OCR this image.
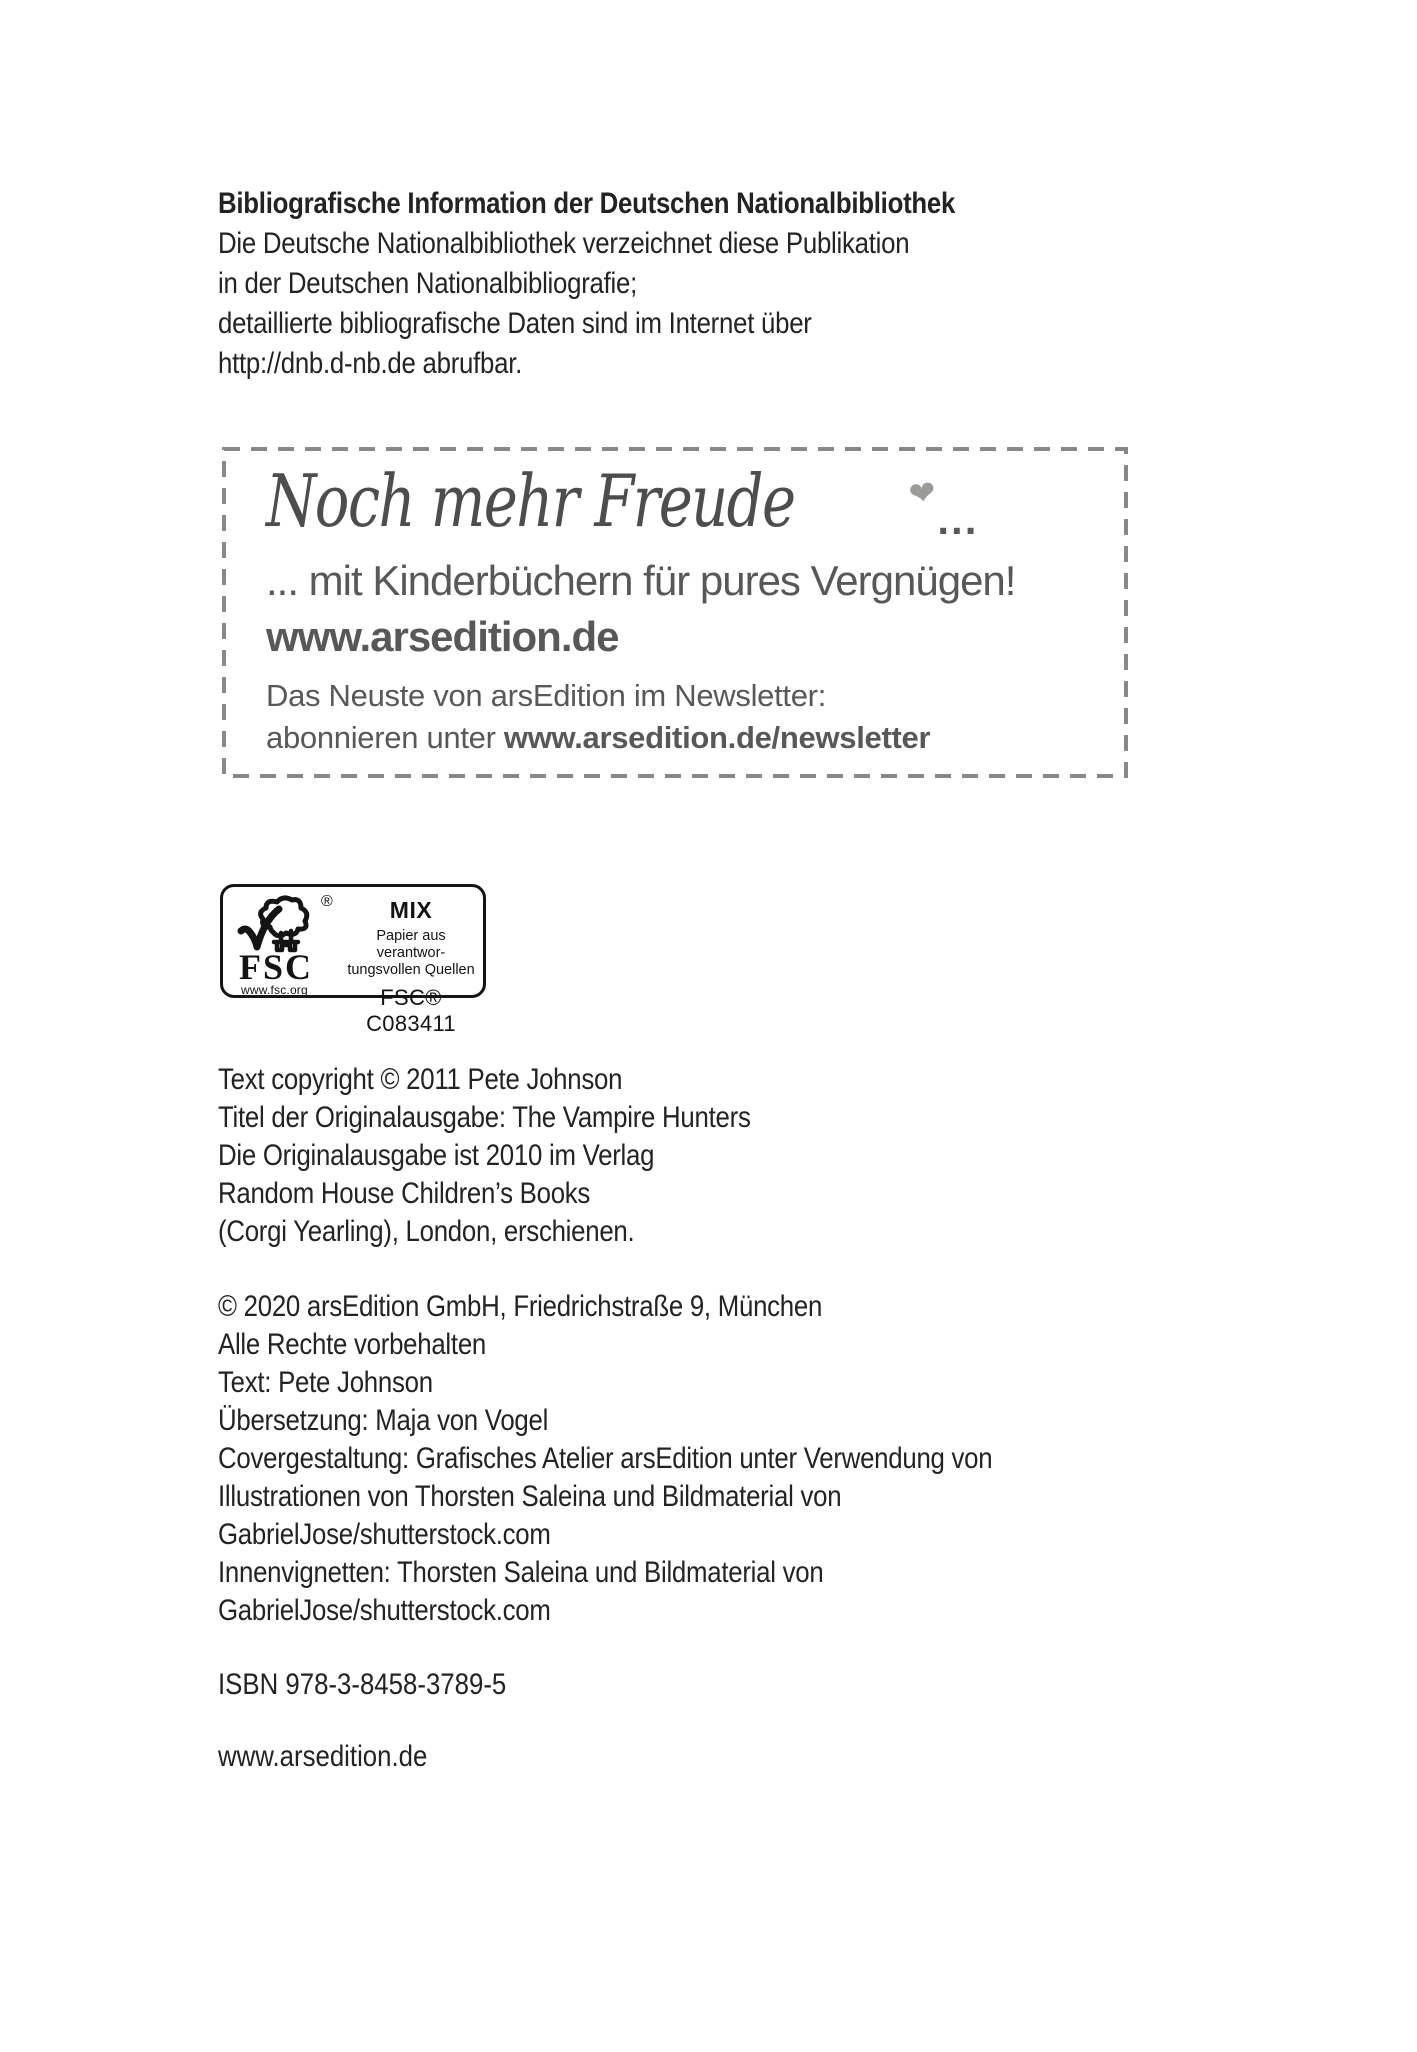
Bibliografische Information der Deutschen Nationalbibliothek
Die Deutsche Nationalbibliothek verzeichnet diese Publikation
in der Deutschen Nationalbibliografie;
detaillierte bibliografische Daten sind im Internet über
http://dnb.d-nb.de abrufbar.
Noch mehr Freude	❤
...
... mit Kinderbüchern für pures Vergnügen!
www.arsedition.de
Das Neuste von arsEdition im Newsletter:
abonnieren unter www.arsedition.de/newsletter
®
FSC
www.fsc.org
MIX
Papier aus verantwor-
tungsvollen Quellen
FSC® C083411
Text copyright © 2011 Pete Johnson
Titel der Originalausgabe: The Vampire Hunters
Die Originalausgabe ist 2010 im Verlag
Random House Children’s Books
(Corgi Yearling), London, erschienen.
© 2020 arsEdition GmbH, Friedrichstraße 9, München
Alle Rechte vorbehalten
Text: Pete Johnson
Übersetzung: Maja von Vogel
Covergestaltung: Grafisches Atelier arsEdition unter Verwendung von
Illustrationen von Thorsten Saleina und Bildmaterial von
GabrielJose/shutterstock.com
Innenvignetten: Thorsten Saleina und Bildmaterial von
GabrielJose/shutterstock.com
ISBN 978-3-8458-3789-5
www.arsedition.de
